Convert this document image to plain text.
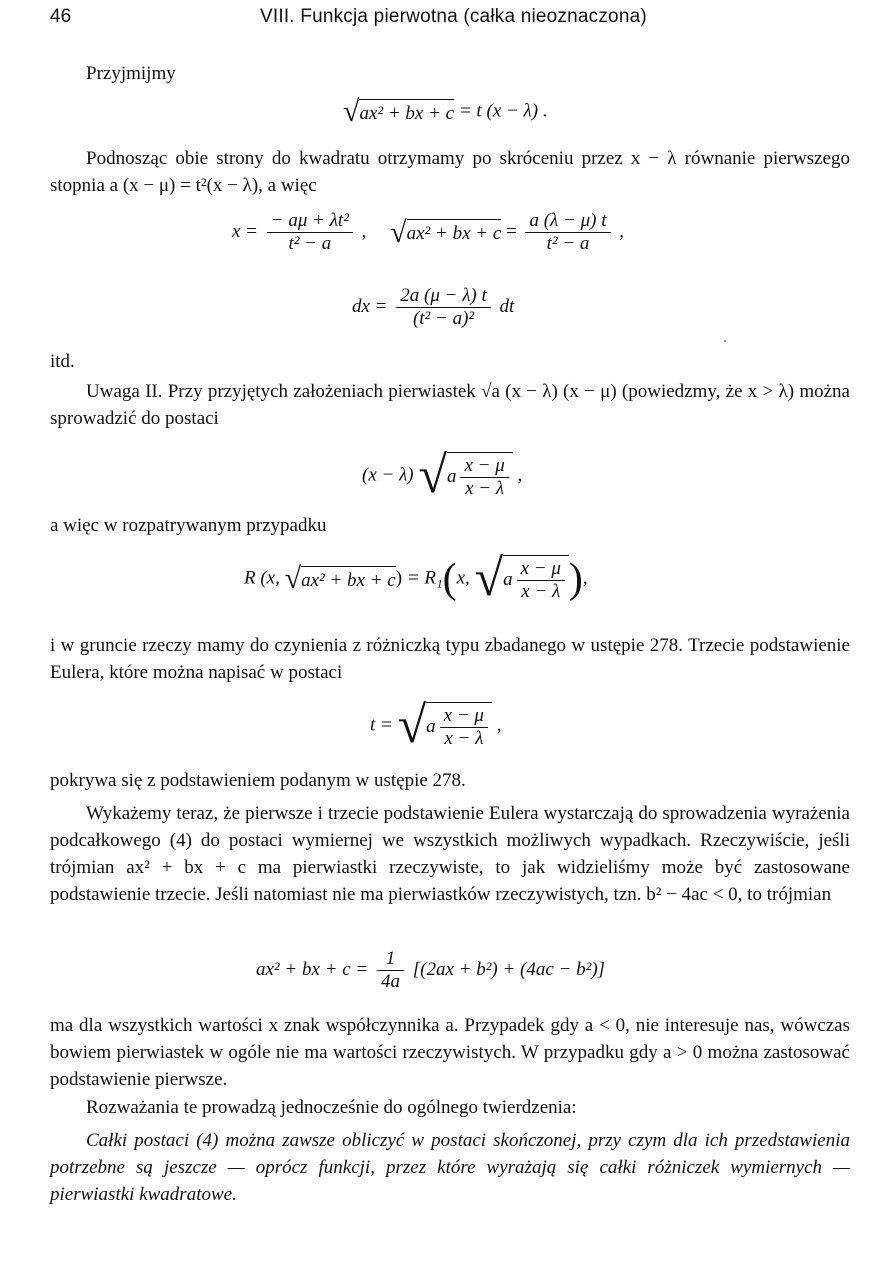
46	VIII. Funkcja pierwotna (całka nieoznaczona)

Przyjmijmy

√ax² + bx + c = t (x − λ) .

Podnosząc obie strony do kwadratu otrzymamy po skróceniu przez x − λ równanie pierwszego stopnia a (x − μ) = t²(x − λ), a więc

$x = \frac{\text{− aμ + λt²}}{\text{t² − a}}$ , √ax² + bx + $c = \frac{a (\lambda - \mu) t}{\text{t² − a}}$ ,
dx = $\frac{2a (\mu - \lambda) t}{\text{(t² − a)²}}$ dt

itd.

Uwaga II. Przy przyjętych założeniach pierwiastek √a (x − λ) (x − μ) (powiedzmy, że x > λ) można sprowadzić do postaci

(x − λ) $√a \frac{x - \mu}{x - \lambda}$ ,

a więc w rozpatrywanym przypadku

R (x, √ax² + bx + c) = R₁(x, $√a \frac{x - \mu}{x - \lambda}$ ),

i w gruncie rzeczy mamy do czynienia z różniczką typu zbadanego w ustępie 278. Trzecie podstawienie Eulera, które można napisać w postaci

$t = √a \frac{x - \mu}{x - \lambda}$ ,

pokrywa się z podstawieniem podanym w ustępie 278.

Wykażemy teraz, że pierwsze i trzecie podstawienie Eulera wystarczają do sprowadzenia wyrażenia podcałkowego (4) do postaci wymiernej we wszystkich możliwych wypadkach. Rzeczywiście, jeśli trójmian ax² + bx + c ma pierwiastki rzeczywiste, to jak widzieliśmy może być zastosowane podstawienie trzecie. Jeśli natomiast nie ma pierwiastków rzeczywistych, tzn. b² − 4ac < 0, to trójmian

ax² + bx + $c = \frac{1}{4a} [(2ax + b^2) + (4ac - b^2)]$

ma dla wszystkich wartości x znak współczynnika a. Przypadek gdy a < 0, nie interesuje nas, wówczas bowiem pierwiastek w ogóle nie ma wartości rzeczywistych. W przypadku gdy a > 0 można zastosować podstawienie pierwsze.

Rozważania te prowadzą jednocześnie do ogólnego twierdzenia:

Całki postaci (4) można zawsze obliczyć w postaci skończonej, przy czym dla ich przedstawienia potrzebne są jeszcze — oprócz funkcji, przez które wyrażają się całki różniczek wymiernych — pierwiastki kwadratowe.
